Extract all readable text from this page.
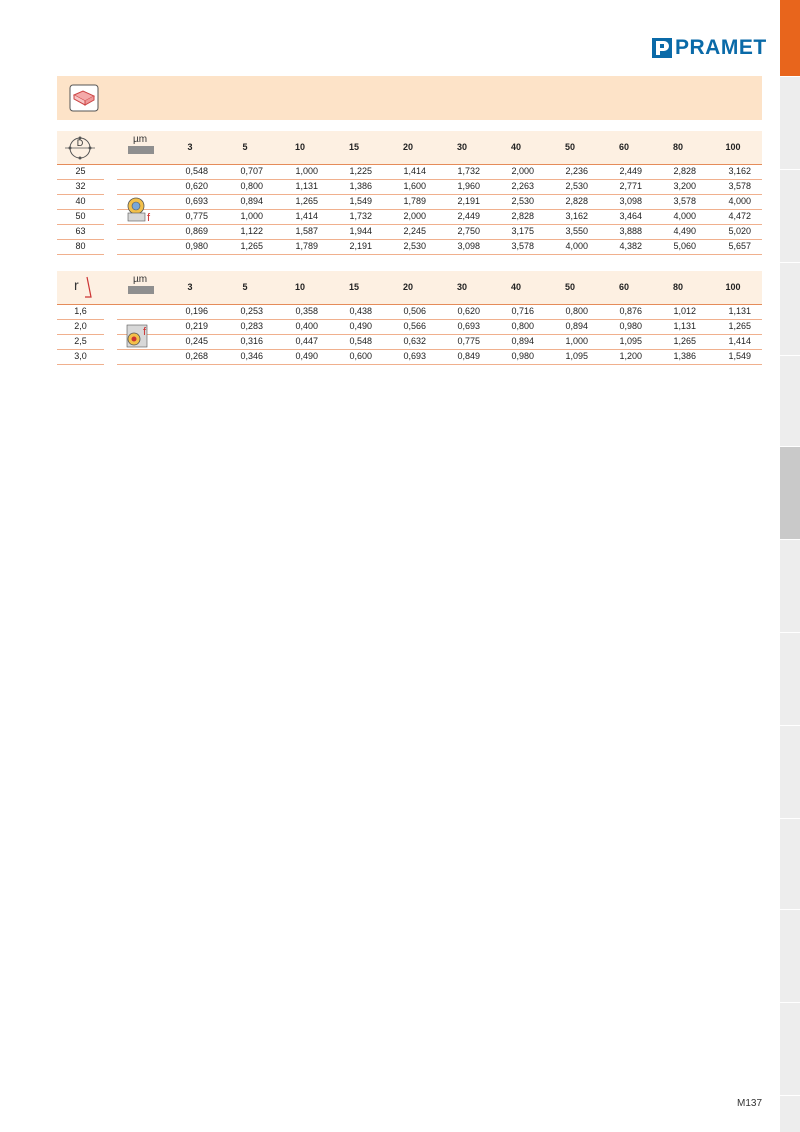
PRAMET
D	µm
3	5	10	15	20	30	40	50	60	80	100
25	0,548	0,707	1,000	1,225	1,414	1,732	2,000	2,236	2,449	2,828	3,162
32	0,620	0,800	1,131	1,386	1,600	1,960	2,263	2,530	2,771	3,200	3,578
40	0,693	0,894	1,265	1,549	1,789	2,191	2,530	2,828	3,098	3,578	4,000
50	0,775	1,000	1,414	1,732	2,000	2,449	2,828	3,162	3,464	4,000	4,472
63	0,869	1,122	1,587	1,944	2,245	2,750	3,175	3,550	3,888	4,490	5,020
80	0,980	1,265	1,789	2,191	2,530	3,098	3,578	4,000	4,382	5,060	5,657
f
r	µm
3	5	10	15	20	30	40	50	60	80	100
1,6	0,196	0,253	0,358	0,438	0,506	0,620	0,716	0,800	0,876	1,012	1,131
2,0	0,219	0,283	0,400	0,490	0,566	0,693	0,800	0,894	0,980	1,131	1,265
2,5	0,245	0,316	0,447	0,548	0,632	0,775	0,894	1,000	1,095	1,265	1,414
3,0	0,268	0,346	0,490	0,600	0,693	0,849	0,980	1,095	1,200	1,386	1,549
f
M137
